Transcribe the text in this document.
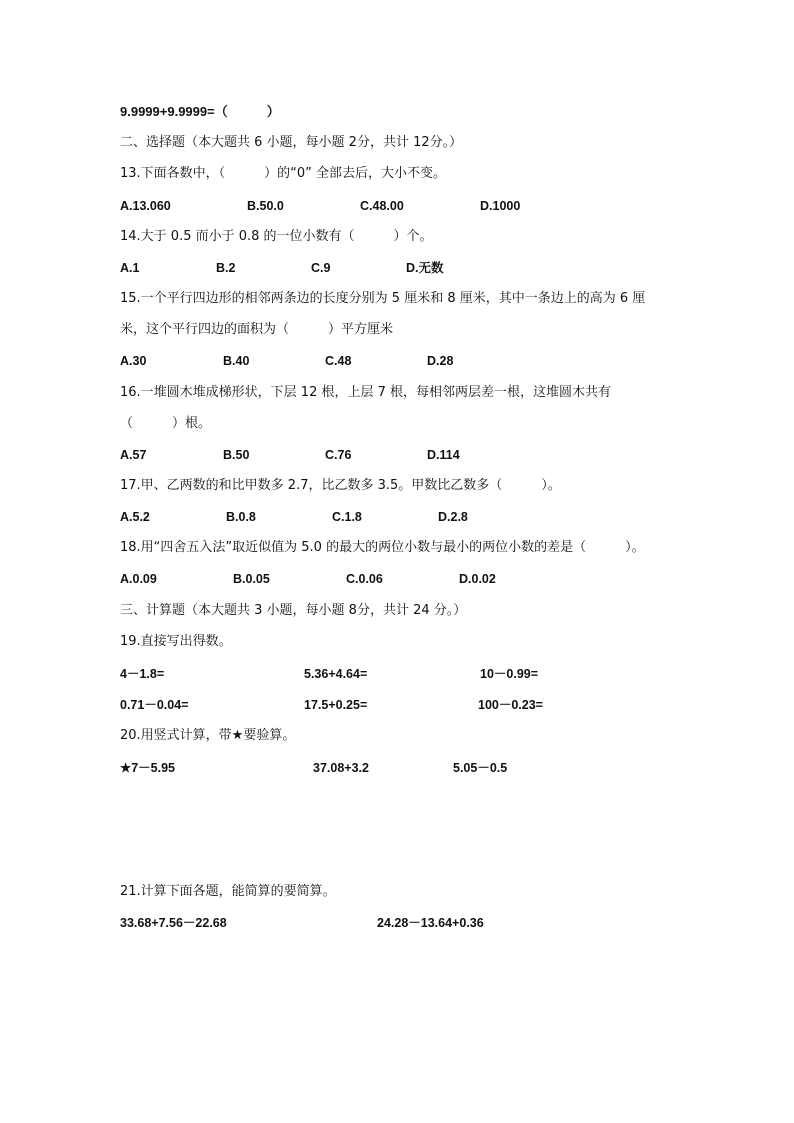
9.9999+9.9999=（　　　）
二、选择题（本大题共 6 小题，每小题 2分，共计 12分。）
13.下面各数中，（　　　）的“0” 全部去后，大小不变。
A.13.060	B.50.0	C.48.00	D.1000
14.大于 0.5 而小于 0.8 的一位小数有（　　　）个。
A.1	B.2	C.9	D.无数
15.一个平行四边形的相邻两条边的长度分别为 5 厘米和 8 厘米，其中一条边上的高为 6 厘
米，这个平行四边的面积为（　　　）平方厘米
A.30	B.40	C.48	D.28
16.一堆圆木堆成梯形状，下层 12 根，上层 7 根，每相邻两层差一根，这堆圆木共有
（　　　）根。
A.57	B.50	C.76	D.114
17.甲、乙两数的和比甲数多 2.7，比乙数多 3.5。甲数比乙数多（　　　）。
A.5.2	B.0.8	C.1.8	D.2.8
18.用“四舍五入法”取近似值为 5.0 的最大的两位小数与最小的两位小数的差是（　　　）。
A.0.09	B.0.05	C.0.06	D.0.02
三、计算题（本大题共 3 小题，每小题 8分，共计 24 分。）
19.直接写出得数。
4－1.8=	5.36+4.64=	10－0.99=
0.71－0.04=	17.5+0.25=	100－0.23=
20.用竖式计算，带★要验算。
★7－5.95	37.08+3.2	5.05－0.5
21.计算下面各题，能简算的要简算。
33.68+7.56－22.68	24.28－13.64+0.36
